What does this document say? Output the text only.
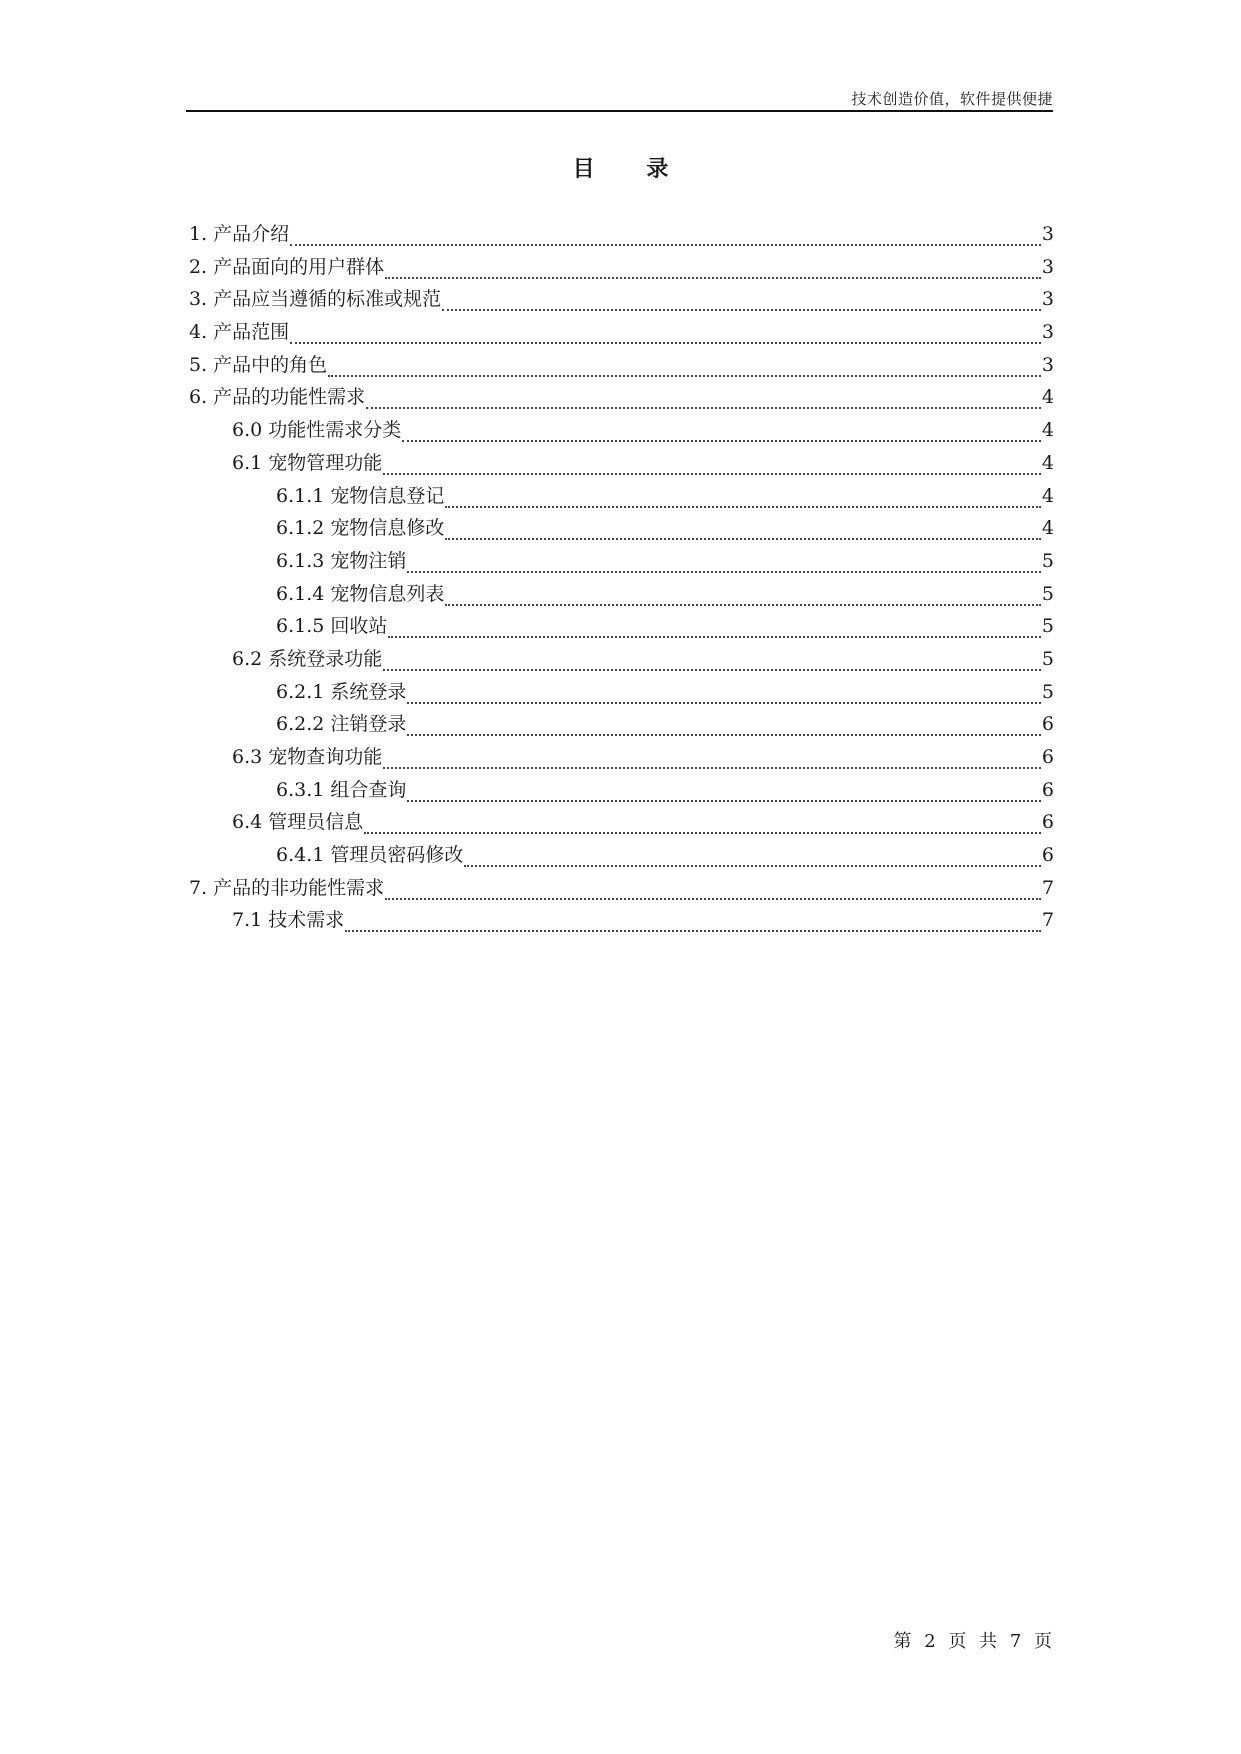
技术创造价值，软件提供便捷
目 录
1. 产品介绍	3
2. 产品面向的用户群体	3
3. 产品应当遵循的标准或规范	3
4. 产品范围	3
5. 产品中的角色	3
6. 产品的功能性需求	4
6.0 功能性需求分类	4
6.1 宠物管理功能	4
6.1.1 宠物信息登记	4
6.1.2 宠物信息修改	4
6.1.3 宠物注销	5
6.1.4 宠物信息列表	5
6.1.5 回收站	5
6.2 系统登录功能	5
6.2.1 系统登录	5
6.2.2 注销登录	6
6.3 宠物查询功能	6
6.3.1 组合查询	6
6.4 管理员信息	6
6.4.1 管理员密码修改	6
7. 产品的非功能性需求	7
7.1 技术需求	7
第 2 页 共 7 页
